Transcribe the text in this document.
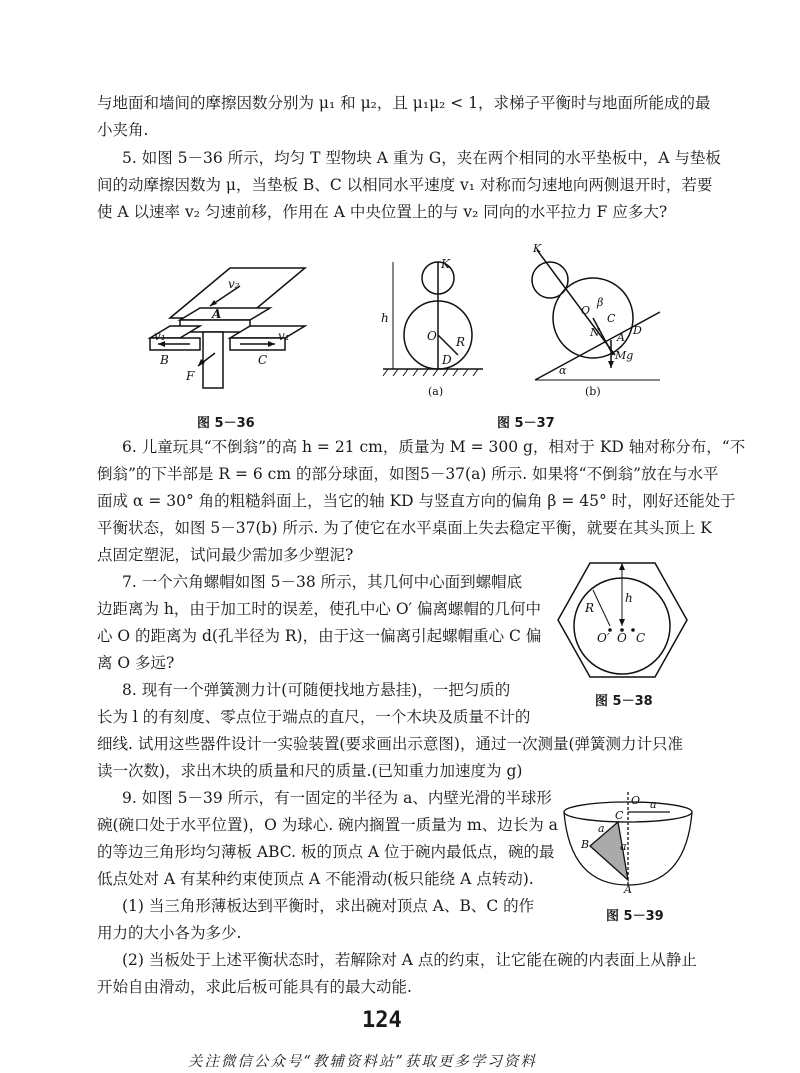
与地面和墙间的摩擦因数分别为 μ₁ 和 μ₂，且 μ₁μ₂ < 1，求梯子平衡时与地面所能成的最
小夹角.
5. 如图 5－36 所示，均匀 T 型物块 A 重为 G，夹在两个相同的水平垫板中，A 与垫板
间的动摩擦因数为 μ，当垫板 B、C 以相同水平速度 v₁ 对称而匀速地向两侧退开时，若要
使 A 以速率 v₂ 匀速前移，作用在 A 中央位置上的与 v₂ 同向的水平拉力 F 应多大?
6. 儿童玩具“不倒翁”的高 h = 21 cm，质量为 M = 300 g，相对于 KD 轴对称分布，“不
倒翁”的下半部是 R = 6 cm 的部分球面，如图5－37(a) 所示. 如果将“不倒翁”放在与水平
面成 α = 30° 角的粗糙斜面上，当它的轴 KD 与竖直方向的偏角 β = 45° 时，刚好还能处于
平衡状态，如图 5－37(b) 所示. 为了使它在水平桌面上失去稳定平衡，就要在其头顶上 K
点固定塑泥，试问最少需加多少塑泥?
7. 一个六角螺帽如图 5－38 所示，其几何中心面到螺帽底
边距离为 h，由于加工时的误差，使孔中心 O′ 偏离螺帽的几何中
心 O 的距离为 d(孔半径为 R)，由于这一偏离引起螺帽重心 C 偏
离 O 多远?
8. 现有一个弹簧测力计(可随便找地方悬挂)，一把匀质的
长为 l 的有刻度、零点位于端点的直尺，一个木块及质量不计的
细线. 试用这些器件设计一实验装置(要求画出示意图)，通过一次测量(弹簧测力计只准
读一次数)，求出木块的质量和尺的质量.(已知重力加速度为 g)
9. 如图 5－39 所示，有一固定的半径为 a、内壁光滑的半球形
碗(碗口处于水平位置)，O 为球心. 碗内搁置一质量为 m、边长为 a
的等边三角形均匀薄板 ABC. 板的顶点 A 位于碗内最低点，碗的最
低点处对 A 有某种约束使顶点 A 不能滑动(板只能绕 A 点转动).
(1) 当三角形薄板达到平衡时，求出碗对顶点 A、B、C 的作
用力的大小各为多少.
(2) 当板处于上述平衡状态时，若解除对 A 点的约束，让它能在碗的内表面上从静止
开始自由滑动，求此后板可能具有的最大动能.
v₂
A
v₁	v₁
B	C
F
图 5－36
K
h
O R
D
(a)
K
O
β
N
C
A
D
Mg
α
(b)
图 5－37
R
h
O′ O C
图 5－38
O a
C
a
B	a
A
图 5－39
124
关注微信公众号“教辅资料站”获取更多学习资料
